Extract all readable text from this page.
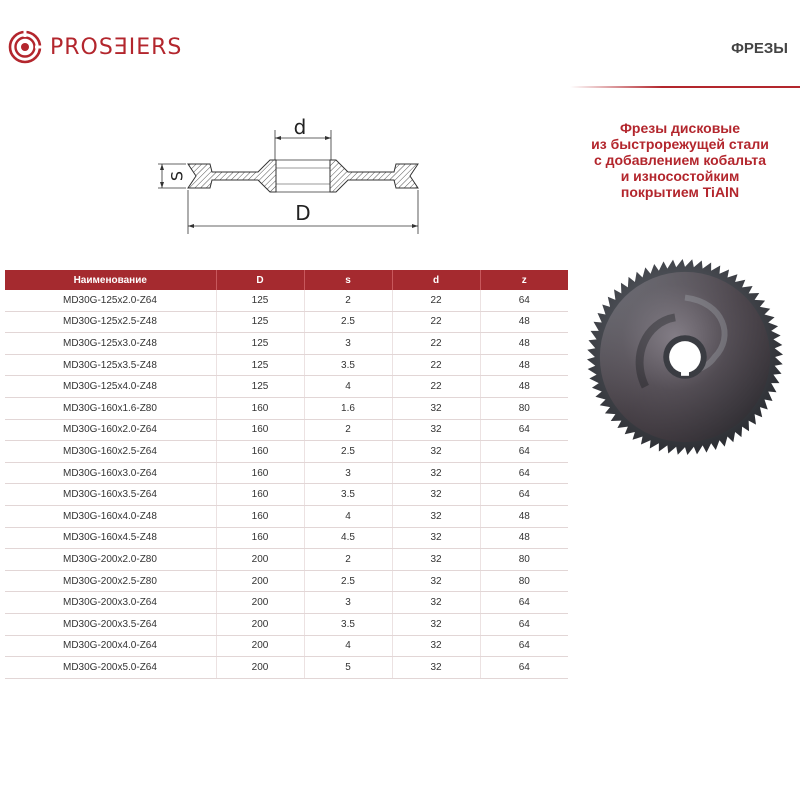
PROSƎIERS	ФРЕЗЫ
d
S
D
Фрезы дисковые
из быстрорежущей стали
с добавлением кобальта
и износостойким
покрытием TiAlN
Наименование	D	s	d	z
MD30G-125x2.0-Z64	125	2	22	64
MD30G-125x2.5-Z48	125	2.5	22	48
MD30G-125x3.0-Z48	125	3	22	48
MD30G-125x3.5-Z48	125	3.5	22	48
MD30G-125x4.0-Z48	125	4	22	48
MD30G-160x1.6-Z80	160	1.6	32	80
MD30G-160x2.0-Z64	160	2	32	64
MD30G-160x2.5-Z64	160	2.5	32	64
MD30G-160x3.0-Z64	160	3	32	64
MD30G-160x3.5-Z64	160	3.5	32	64
MD30G-160x4.0-Z48	160	4	32	48
MD30G-160x4.5-Z48	160	4.5	32	48
MD30G-200x2.0-Z80	200	2	32	80
MD30G-200x2.5-Z80	200	2.5	32	80
MD30G-200x3.0-Z64	200	3	32	64
MD30G-200x3.5-Z64	200	3.5	32	64
MD30G-200x4.0-Z64	200	4	32	64
MD30G-200x5.0-Z64	200	5	32	64
